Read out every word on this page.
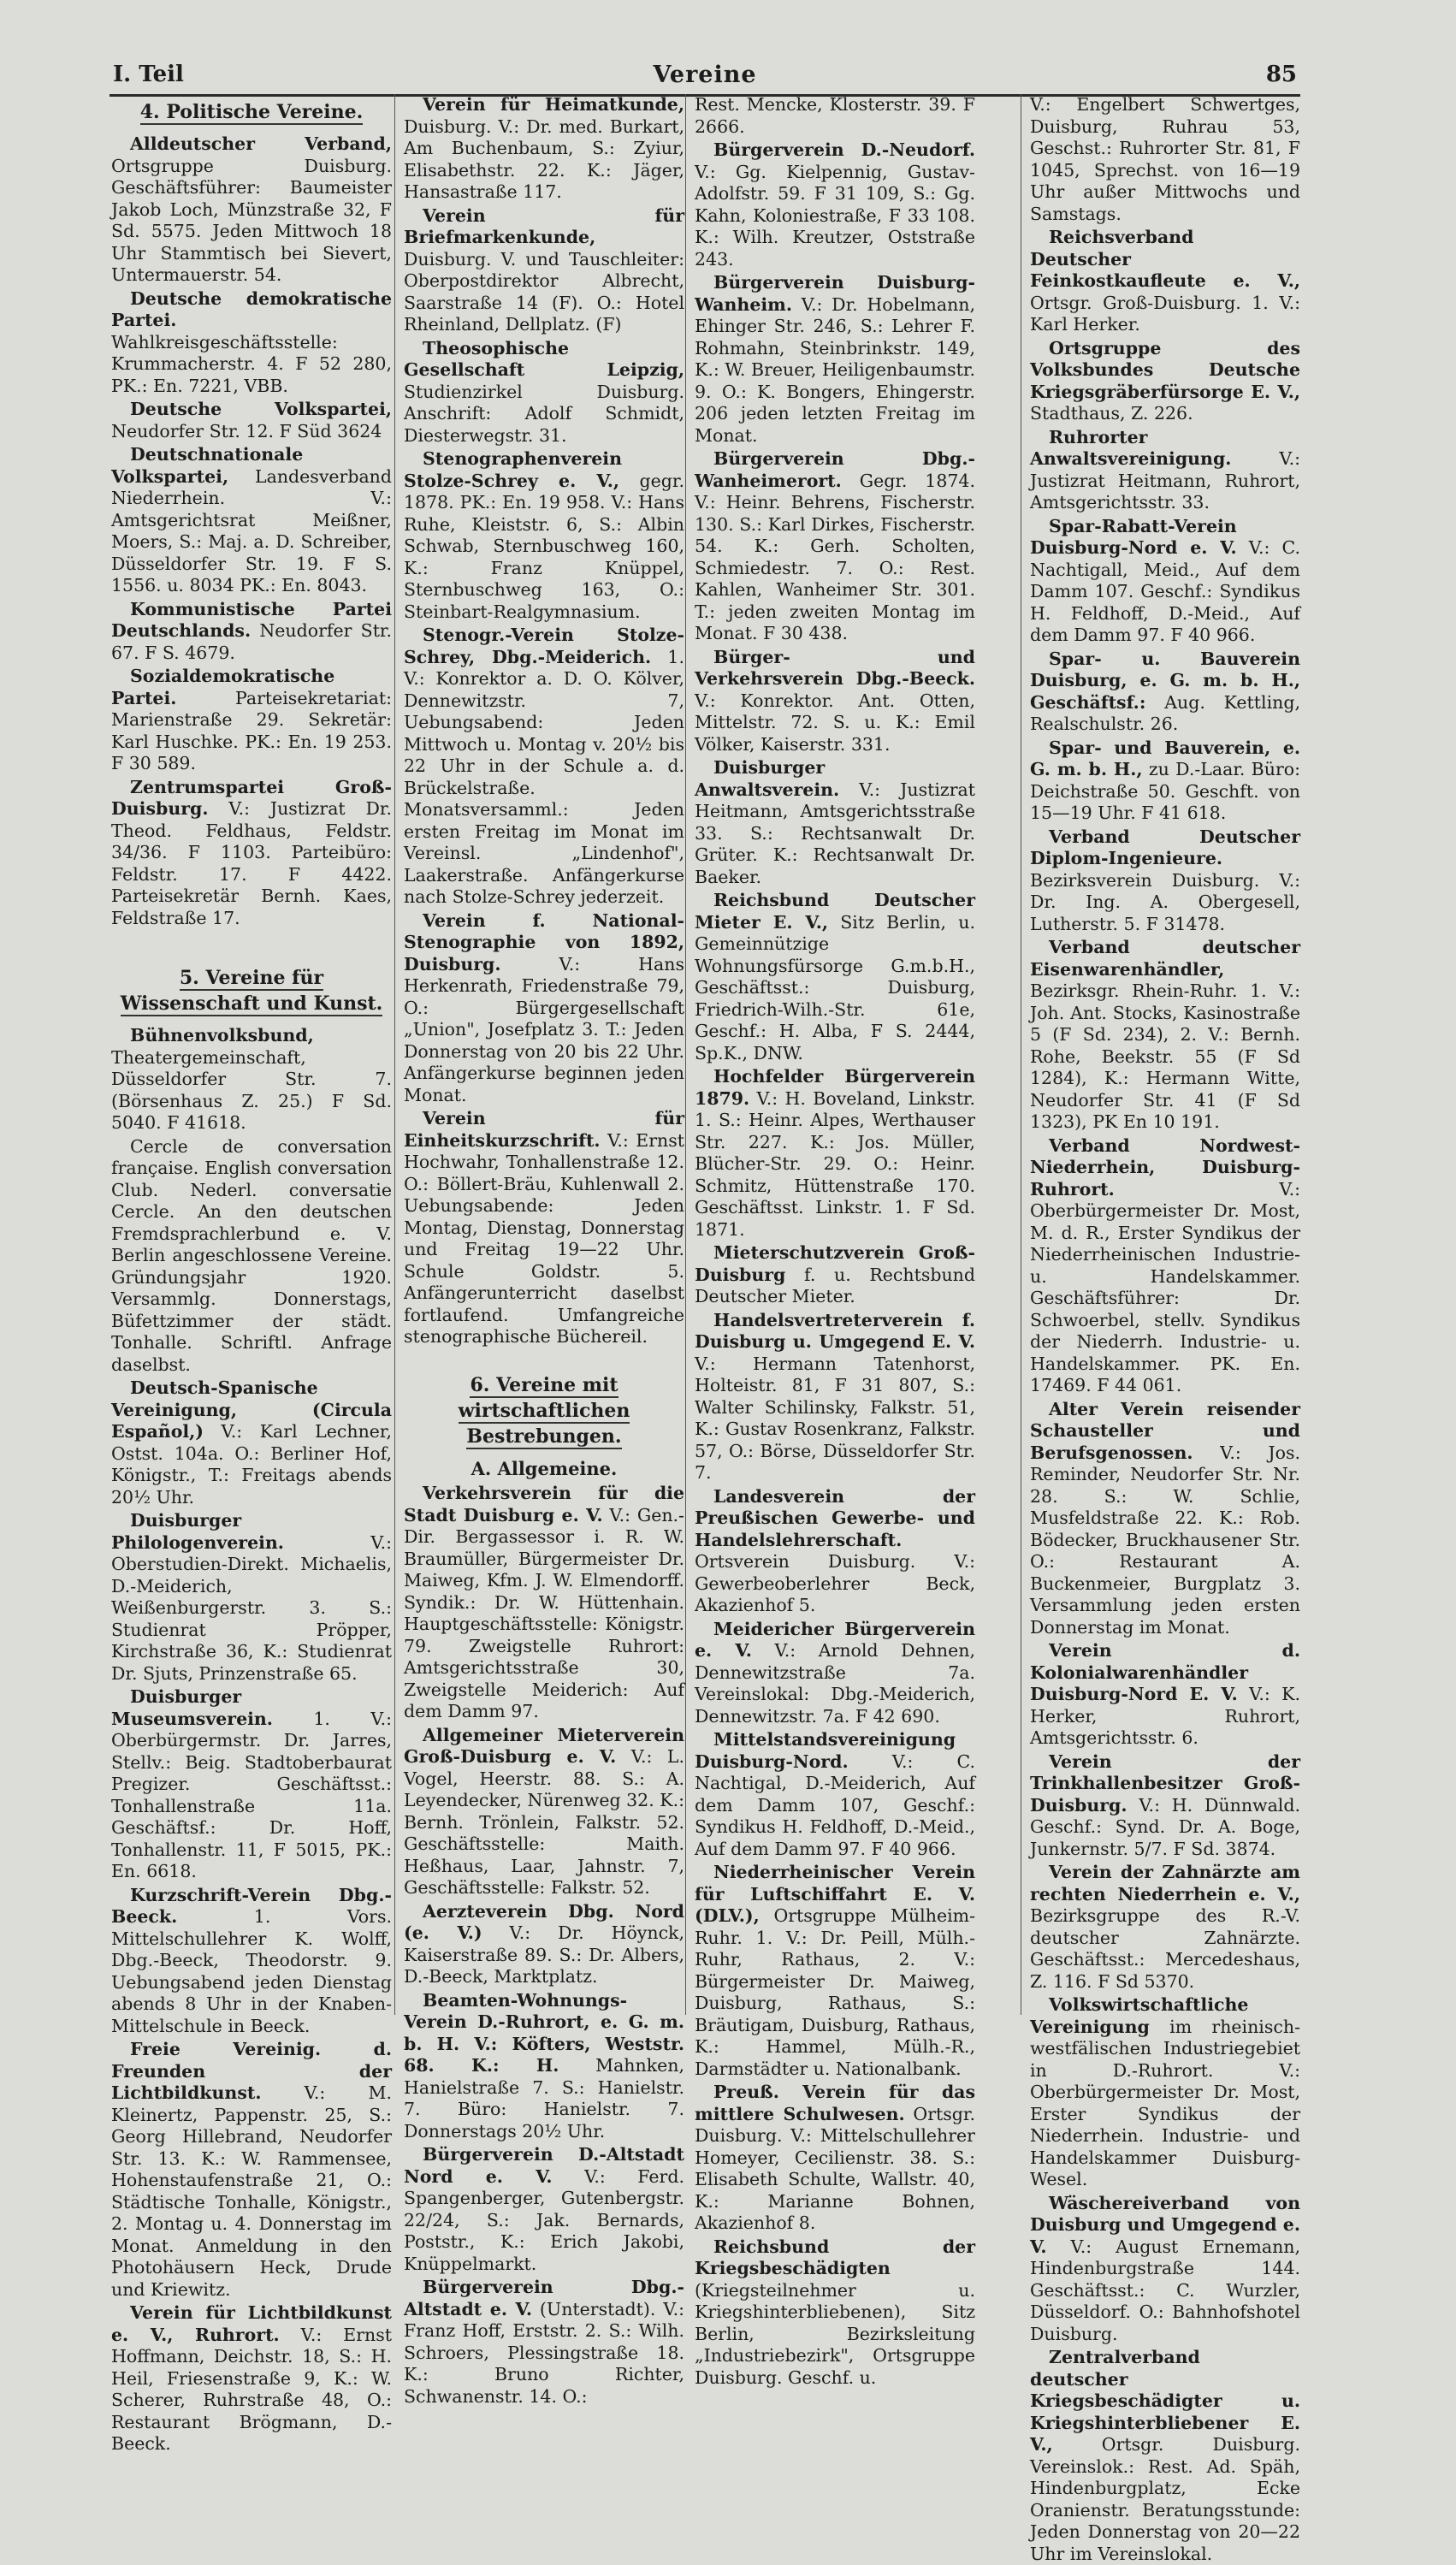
I. Teil	Vereine	85
4. Politische Vereine.

Alldeutscher Verband, Ortsgruppe Duisburg. Geschäftsführer: Baumeister Jakob Loch, Münzstraße 32, F Sd. 5575. Jeden Mittwoch 18 Uhr Stammtisch bei Sievert, Untermauerstr. 54.

Deutsche demokratische Partei. Wahlkreisgeschäftsstelle: Krummacherstr. 4. F 52 280, PK.: En. 7221, VBB.

Deutsche Volkspartei, Neudorfer Str. 12. F Süd 3624

Deutschnationale Volkspartei, Landesverband Niederrhein. V.: Amtsgerichtsrat Meißner, Moers, S.: Maj. a. D. Schreiber, Düsseldorfer Str. 19. F S. 1556. u. 8034 PK.: En. 8043.

Kommunistische Partei Deutschlands. Neudorfer Str. 67. F S. 4679.

Sozialdemokratische Partei. Parteisekretariat: Marienstraße 29. Sekretär: Karl Huschke. PK.: En. 19 253. F 30 589.

Zentrumspartei Groß-Duisburg. V.: Justizrat Dr. Theod. Feldhaus, Feldstr. 34/36. F 1103. Parteibüro: Feldstr. 17. F 4422. Parteisekretär Bernh. Kaes, Feldstraße 17.

5. Vereine für Wissenschaft und Kunst.

Bühnenvolksbund, Theatergemeinschaft, Düsseldorfer Str. 7. (Börsenhaus Z. 25.) F Sd. 5040. F 41618.

Cercle de conversation française. English conversation Club. Nederl. conversatie Cercle. An den deutschen Fremdsprachlerbund e. V. Berlin angeschlossene Vereine. Gründungsjahr 1920. Versammlg. Donnerstags, Büfettzimmer der städt. Tonhalle. Schriftl. Anfrage daselbst.

Deutsch-Spanische Vereinigung, (Circula Español,) V.: Karl Lechner, Ostst. 104a. O.: Berliner Hof, Königstr., T.: Freitags abends 20½ Uhr.

Duisburger Philologenverein. V.: Oberstudien-Direkt. Michaelis, D.-Meiderich, Weißenburgerstr. 3. S.: Studienrat Pröpper, Kirchstraße 36, K.: Studienrat Dr. Sjuts, Prinzenstraße 65.

Duisburger Museumsverein. 1. V.: Oberbürgermstr. Dr. Jarres, Stellv.: Beig. Stadtoberbaurat Pregizer. Geschäftsst.: Tonhallenstraße 11a. Geschäftsf.: Dr. Hoff, Tonhallenstr. 11, F 5015, PK.: En. 6618.

Kurzschrift-Verein Dbg.-Beeck. 1. Vors. Mittelschullehrer K. Wolff, Dbg.-Beeck, Theodorstr. 9. Uebungsabend jeden Dienstag abends 8 Uhr in der Knaben-Mittelschule in Beeck.

Freie Vereinig. d. Freunden der Lichtbildkunst. V.: M. Kleinertz, Pappenstr. 25, S.: Georg Hillebrand, Neudorfer Str. 13. K.: W. Rammensee, Hohenstaufenstraße 21, O.: Städtische Tonhalle, Königstr., 2. Montag u. 4. Donnerstag im Monat. Anmeldung in den Photohäusern Heck, Drude und Kriewitz.

Verein für Lichtbildkunst e. V., Ruhrort. V.: Ernst Hoffmann, Deichstr. 18, S.: H. Heil, Friesenstraße 9, K.: W. Scherer, Ruhrstraße 48, O.: Restaurant Brögmann, D.-Beeck.

Verein für Heimatkunde, Duisburg. V.: Dr. med. Burkart, Am Buchenbaum, S.: Zyiur, Elisabethstr. 22. K.: Jäger, Hansastraße 117.

Verein für Briefmarkenkunde, Duisburg. V. und Tauschleiter: Oberpostdirektor Albrecht, Saarstraße 14 (F). O.: Hotel Rheinland, Dellplatz. (F)

Theosophische Gesellschaft Leipzig, Studienzirkel Duisburg. Anschrift: Adolf Schmidt, Diesterwegstr. 31.

Stenographenverein Stolze-Schrey e. V., gegr. 1878. PK.: En. 19 958. V.: Hans Ruhe, Kleiststr. 6, S.: Albin Schwab, Sternbuschweg 160, K.: Franz Knüppel, Sternbuschweg 163, O.: Steinbart-Realgymnasium.

Stenogr.-Verein Stolze-Schrey, Dbg.-Meiderich. 1. V.: Konrektor a. D. O. Kölver, Dennewitzstr. 7, Uebungsabend: Jeden Mittwoch u. Montag v. 20½ bis 22 Uhr in der Schule a. d. Brückelstraße. Monatsversamml.: Jeden ersten Freitag im Monat im Vereinsl. „Lindenhof", Laakerstraße. Anfängerkurse nach Stolze-Schrey jederzeit.

Verein f. National-Stenographie von 1892, Duisburg. V.: Hans Herkenrath, Friedenstraße 79, O.: Bürgergesellschaft „Union", Josefplatz 3. T.: Jeden Donnerstag von 20 bis 22 Uhr. Anfängerkurse beginnen jeden Monat.

Verein für Einheitskurzschrift. V.: Ernst Hochwahr, Tonhallenstraße 12. O.: Böllert-Bräu, Kuhlenwall 2. Uebungsabende: Jeden Montag, Dienstag, Donnerstag und Freitag 19—22 Uhr. Schule Goldstr. 5. Anfängerunterricht daselbst fortlaufend. Umfangreiche stenographische Büchereil.

6. Vereine mit wirtschaftlichen Bestrebungen.
A. Allgemeine.

Verkehrsverein für die Stadt Duisburg e. V. V.: Gen.-Dir. Bergassessor i. R. W. Braumüller, Bürgermeister Dr. Maiweg, Kfm. J. W. Elmendorff. Syndik.: Dr. W. Hüttenhain. Hauptgeschäftsstelle: Königstr. 79. Zweigstelle Ruhrort: Amtsgerichtsstraße 30, Zweigstelle Meiderich: Auf dem Damm 97.

Allgemeiner Mieterverein Groß-Duisburg e. V. V.: L. Vogel, Heerstr. 88. S.: A. Leyendecker, Nürenweg 32. K.: Bernh. Trönlein, Falkstr. 52. Geschäftsstelle: Maith. Heßhaus, Laar, Jahnstr. 7, Geschäftsstelle: Falkstr. 52.

Aerzteverein Dbg. Nord (e. V.) V.: Dr. Höynck, Kaiserstraße 89. S.: Dr. Albers, D.-Beeck, Marktplatz.

Beamten-Wohnungs-Verein D.-Ruhrort, e. G. m. b. H. V.: Köfters, Weststr. 68. K.: H. Mahnken, Hanielstraße 7. S.: Hanielstr. 7. Büro: Hanielstr. 7. Donnerstags 20½ Uhr.

Bürgerverein D.-Altstadt Nord e. V. V.: Ferd. Spangenberger, Gutenbergstr. 22/24, S.: Jak. Bernards, Poststr., K.: Erich Jakobi, Knüppelmarkt.

Bürgerverein Dbg.-Altstadt e. V. (Unterstadt). V.: Franz Hoff, Erststr. 2. S.: Wilh. Schroers, Plessingstraße 18. K.: Bruno Richter, Schwanenstr. 14. O.:

Rest. Mencke, Klosterstr. 39. F 2666.

Bürgerverein D.-Neudorf. V.: Gg. Kielpennig, Gustav-Adolfstr. 59. F 31 109, S.: Gg. Kahn, Koloniestraße, F 33 108. K.: Wilh. Kreutzer, Oststraße 243.

Bürgerverein Duisburg-Wanheim. V.: Dr. Hobelmann, Ehinger Str. 246, S.: Lehrer F. Rohmahn, Steinbrinkstr. 149, K.: W. Breuer, Heiligenbaumstr. 9. O.: K. Bongers, Ehingerstr. 206 jeden letzten Freitag im Monat.

Bürgerverein Dbg.-Wanheimerort. Gegr. 1874. V.: Heinr. Behrens, Fischerstr. 130. S.: Karl Dirkes, Fischerstr. 54. K.: Gerh. Scholten, Schmiedestr. 7. O.: Rest. Kahlen, Wanheimer Str. 301. T.: jeden zweiten Montag im Monat. F 30 438.

Bürger- und Verkehrsverein Dbg.-Beeck. V.: Konrektor. Ant. Otten, Mittelstr. 72. S. u. K.: Emil Völker, Kaiserstr. 331.

Duisburger Anwaltsverein. V.: Justizrat Heitmann, Amtsgerichtsstraße 33. S.: Rechtsanwalt Dr. Grüter. K.: Rechtsanwalt Dr. Baeker.

Reichsbund Deutscher Mieter E. V., Sitz Berlin, u. Gemeinnützige Wohnungsfürsorge G.m.b.H., Geschäftsst.: Duisburg, Friedrich-Wilh.-Str. 61e, Geschf.: H. Alba, F S. 2444, Sp.K., DNW.

Hochfelder Bürgerverein 1879. V.: H. Boveland, Linkstr. 1. S.: Heinr. Alpes, Werthauser Str. 227. K.: Jos. Müller, Blücher-Str. 29. O.: Heinr. Schmitz, Hüttenstraße 170. Geschäftsst. Linkstr. 1. F Sd. 1871.

Mieterschutzverein Groß-Duisburg f. u. Rechtsbund Deutscher Mieter.

Handelsvertreterverein f. Duisburg u. Umgegend E. V. V.: Hermann Tatenhorst, Holteistr. 81, F 31 807, S.: Walter Schilinsky, Falkstr. 51, K.: Gustav Rosenkranz, Falkstr. 57, O.: Börse, Düsseldorfer Str. 7.

Landesverein der Preußischen Gewerbe- und Handelslehrerschaft. Ortsverein Duisburg. V.: Gewerbeoberlehrer Beck, Akazienhof 5.

Meidericher Bürgerverein e. V. V.: Arnold Dehnen, Dennewitzstraße 7a. Vereinslokal: Dbg.-Meiderich, Dennewitzstr. 7a. F 42 690.

Mittelstandsvereinigung Duisburg-Nord. V.: C. Nachtigal, D.-Meiderich, Auf dem Damm 107, Geschf.: Syndikus H. Feldhoff, D.-Meid., Auf dem Damm 97. F 40 966.

Niederrheinischer Verein für Luftschiffahrt E. V. (DLV.), Ortsgruppe Mülheim-Ruhr. 1. V.: Dr. Peill, Mülh.-Ruhr, Rathaus, 2. V.: Bürgermeister Dr. Maiweg, Duisburg, Rathaus, S.: Bräutigam, Duisburg, Rathaus, K.: Hammel, Mülh.-R., Darmstädter u. Nationalbank.

Preuß. Verein für das mittlere Schulwesen. Ortsgr. Duisburg. V.: Mittelschullehrer Homeyer, Cecilienstr. 38. S.: Elisabeth Schulte, Wallstr. 40, K.: Marianne Bohnen, Akazienhof 8.

Reichsbund der Kriegsbeschädigten (Kriegsteilnehmer u. Kriegshinterbliebenen), Sitz Berlin, Bezirksleitung „Industriebezirk", Ortsgruppe Duisburg. Geschf. u.

V.: Engelbert Schwertges, Duisburg, Ruhrau 53, Geschst.: Ruhrorter Str. 81, F 1045, Sprechst. von 16—19 Uhr außer Mittwochs und Samstags.

Reichsverband Deutscher Feinkostkaufleute e. V., Ortsgr. Groß-Duisburg. 1. V.: Karl Herker.

Ortsgruppe des Volksbundes Deutsche Kriegsgräberfürsorge E. V., Stadthaus, Z. 226.

Ruhrorter Anwaltsvereinigung. V.: Justizrat Heitmann, Ruhrort, Amtsgerichtsstr. 33.

Spar-Rabatt-Verein Duisburg-Nord e. V. V.: C. Nachtigall, Meid., Auf dem Damm 107. Geschf.: Syndikus H. Feldhoff, D.-Meid., Auf dem Damm 97. F 40 966.

Spar- u. Bauverein Duisburg, e. G. m. b. H., Geschäftsf.: Aug. Kettling, Realschulstr. 26.

Spar- und Bauverein, e. G. m. b. H., zu D.-Laar. Büro: Deichstraße 50. Geschft. von 15—19 Uhr. F 41 618.

Verband Deutscher Diplom-Ingenieure. Bezirksverein Duisburg. V.: Dr. Ing. A. Obergesell, Lutherstr. 5. F 31478.

Verband deutscher Eisenwarenhändler, Bezirksgr. Rhein-Ruhr. 1. V.: Joh. Ant. Stocks, Kasinostraße 5 (F Sd. 234), 2. V.: Bernh. Rohe, Beekstr. 55 (F Sd 1284), K.: Hermann Witte, Neudorfer Str. 41 (F Sd 1323), PK En 10 191.

Verband Nordwest-Niederrhein, Duisburg-Ruhrort. V.: Oberbürgermeister Dr. Most, M. d. R., Erster Syndikus der Niederrheinischen Industrie- u. Handelskammer. Geschäftsführer: Dr. Schwoerbel, stellv. Syndikus der Niederrh. Industrie- u. Handelskammer. PK. En. 17469. F 44 061.

Alter Verein reisender Schausteller und Berufsgenossen. V.: Jos. Reminder, Neudorfer Str. Nr. 28. S.: W. Schlie, Musfeldstraße 22. K.: Rob. Bödecker, Bruckhausener Str. O.: Restaurant A. Buckenmeier, Burgplatz 3. Versammlung jeden ersten Donnerstag im Monat.

Verein d. Kolonialwarenhändler Duisburg-Nord E. V. V.: K. Herker, Ruhrort, Amtsgerichtsstr. 6.

Verein der Trinkhallenbesitzer Groß-Duisburg. V.: H. Dünnwald. Geschf.: Synd. Dr. A. Boge, Junkernstr. 5/7. F Sd. 3874.

Verein der Zahnärzte am rechten Niederrhein e. V., Bezirksgruppe des R.-V. deutscher Zahnärzte. Geschäftsst.: Mercedeshaus, Z. 116. F Sd 5370.

Volkswirtschaftliche Vereinigung im rheinisch-westfälischen Industriegebiet in D.-Ruhrort. V.: Oberbürgermeister Dr. Most, Erster Syndikus der Niederrhein. Industrie- und Handelskammer Duisburg-Wesel.

Wäschereiverband von Duisburg und Umgegend e. V. V.: August Ernemann, Hindenburgstraße 144. Geschäftsst.: C. Wurzler, Düsseldorf. O.: Bahnhofshotel Duisburg.

Zentralverband deutscher Kriegsbeschädigter u. Kriegshinterbliebener E. V., Ortsgr. Duisburg. Vereinslok.: Rest. Ad. Späh, Hindenburgplatz, Ecke Oranienstr. Beratungsstunde: Jeden Donnerstag von 20—22 Uhr im Vereinslokal.
